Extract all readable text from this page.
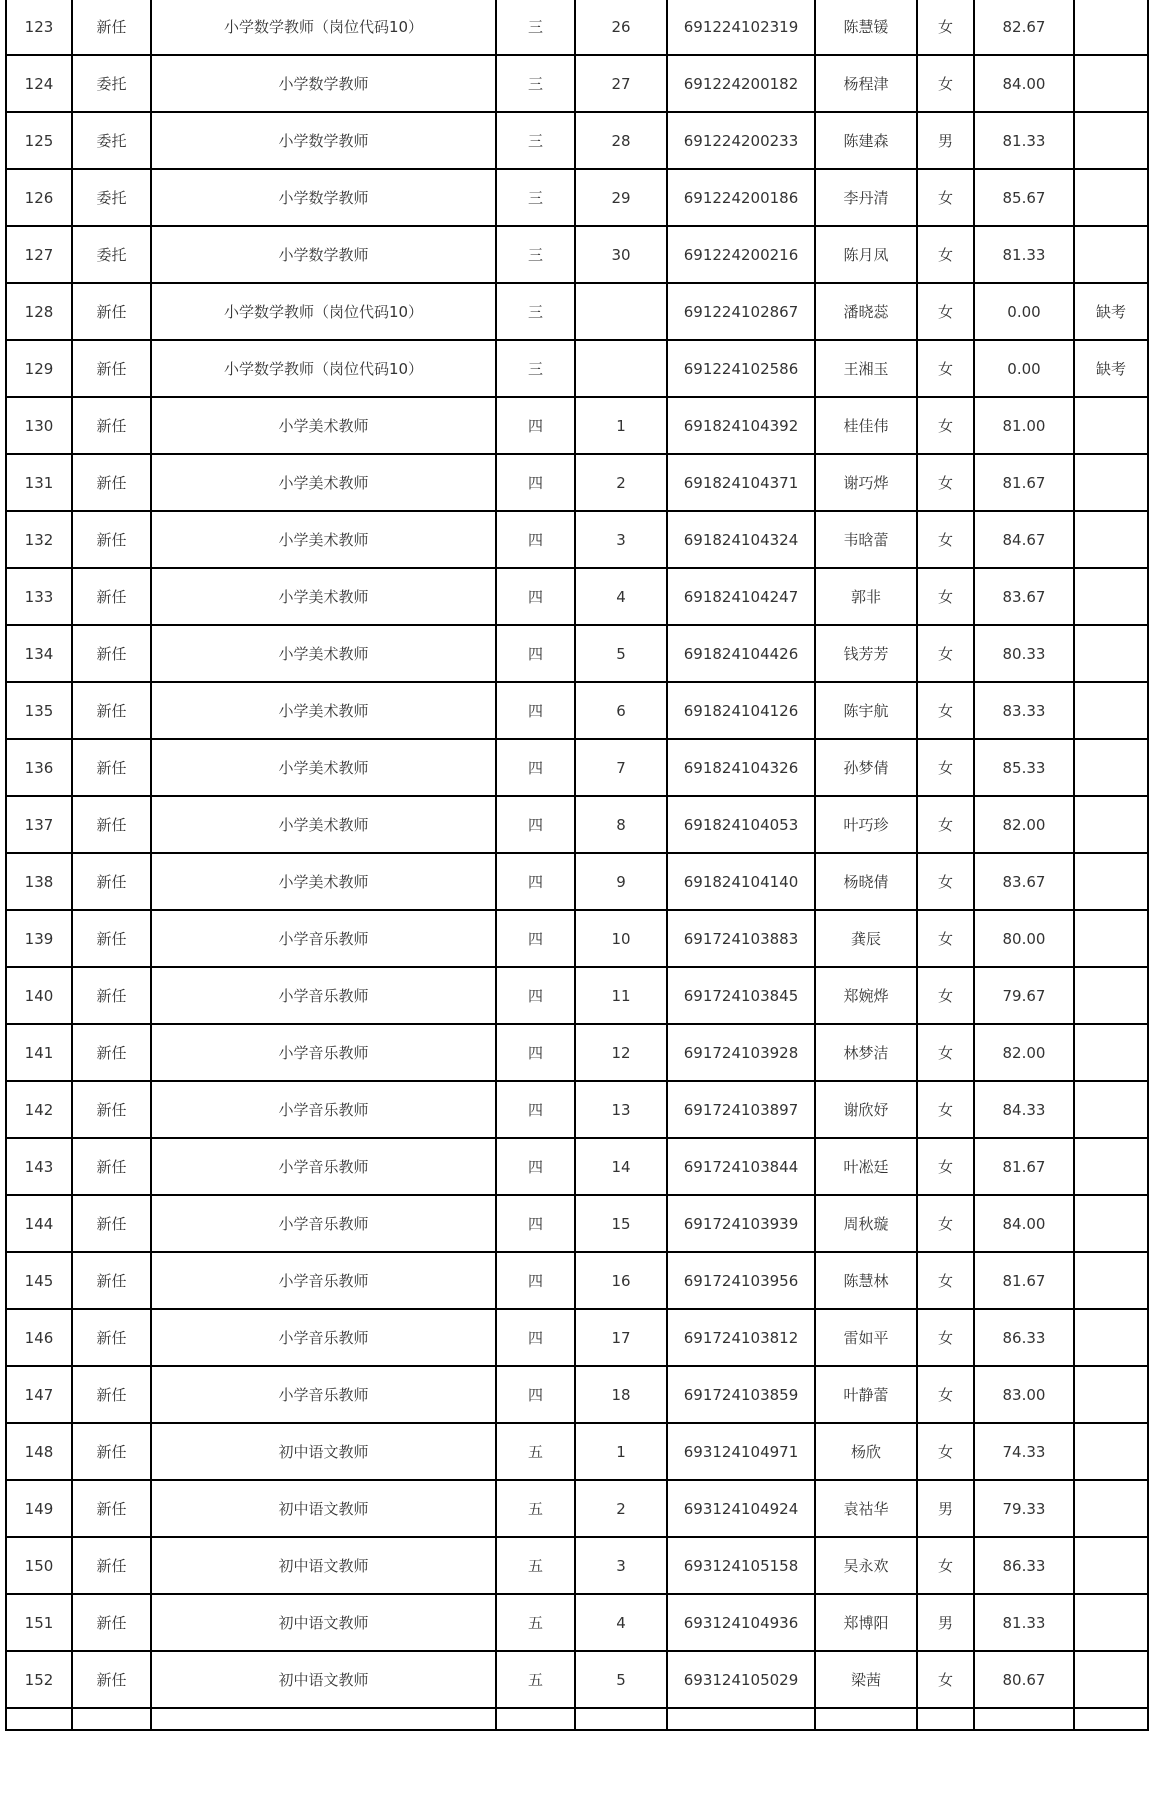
123	新任	小学数学教师（岗位代码10）	三	26	691224102319	陈慧锾	女	82.67	
124	委托	小学数学教师	三	27	691224200182	杨程津	女	84.00	
125	委托	小学数学教师	三	28	691224200233	陈建森	男	81.33	
126	委托	小学数学教师	三	29	691224200186	李丹清	女	85.67	
127	委托	小学数学教师	三	30	691224200216	陈月凤	女	81.33	
128	新任	小学数学教师（岗位代码10）	三		691224102867	潘晓蕊	女	0.00	缺考
129	新任	小学数学教师（岗位代码10）	三		691224102586	王湘玉	女	0.00	缺考
130	新任	小学美术教师	四	1	691824104392	桂佳伟	女	81.00	
131	新任	小学美术教师	四	2	691824104371	谢巧烨	女	81.67	
132	新任	小学美术教师	四	3	691824104324	韦晗蕾	女	84.67	
133	新任	小学美术教师	四	4	691824104247	郭非	女	83.67	
134	新任	小学美术教师	四	5	691824104426	钱芳芳	女	80.33	
135	新任	小学美术教师	四	6	691824104126	陈宇航	女	83.33	
136	新任	小学美术教师	四	7	691824104326	孙梦倩	女	85.33	
137	新任	小学美术教师	四	8	691824104053	叶巧珍	女	82.00	
138	新任	小学美术教师	四	9	691824104140	杨晓倩	女	83.67	
139	新任	小学音乐教师	四	10	691724103883	龚辰	女	80.00	
140	新任	小学音乐教师	四	11	691724103845	郑婉烨	女	79.67	
141	新任	小学音乐教师	四	12	691724103928	林梦洁	女	82.00	
142	新任	小学音乐教师	四	13	691724103897	谢欣妤	女	84.33	
143	新任	小学音乐教师	四	14	691724103844	叶凇廷	女	81.67	
144	新任	小学音乐教师	四	15	691724103939	周秋璇	女	84.00	
145	新任	小学音乐教师	四	16	691724103956	陈慧林	女	81.67	
146	新任	小学音乐教师	四	17	691724103812	雷如平	女	86.33	
147	新任	小学音乐教师	四	18	691724103859	叶静蕾	女	83.00	
148	新任	初中语文教师	五	1	693124104971	杨欣	女	74.33	
149	新任	初中语文教师	五	2	693124104924	袁祜华	男	79.33	
150	新任	初中语文教师	五	3	693124105158	吴永欢	女	86.33	
151	新任	初中语文教师	五	4	693124104936	郑博阳	男	81.33	
152	新任	初中语文教师	五	5	693124105029	梁茜	女	80.67	
